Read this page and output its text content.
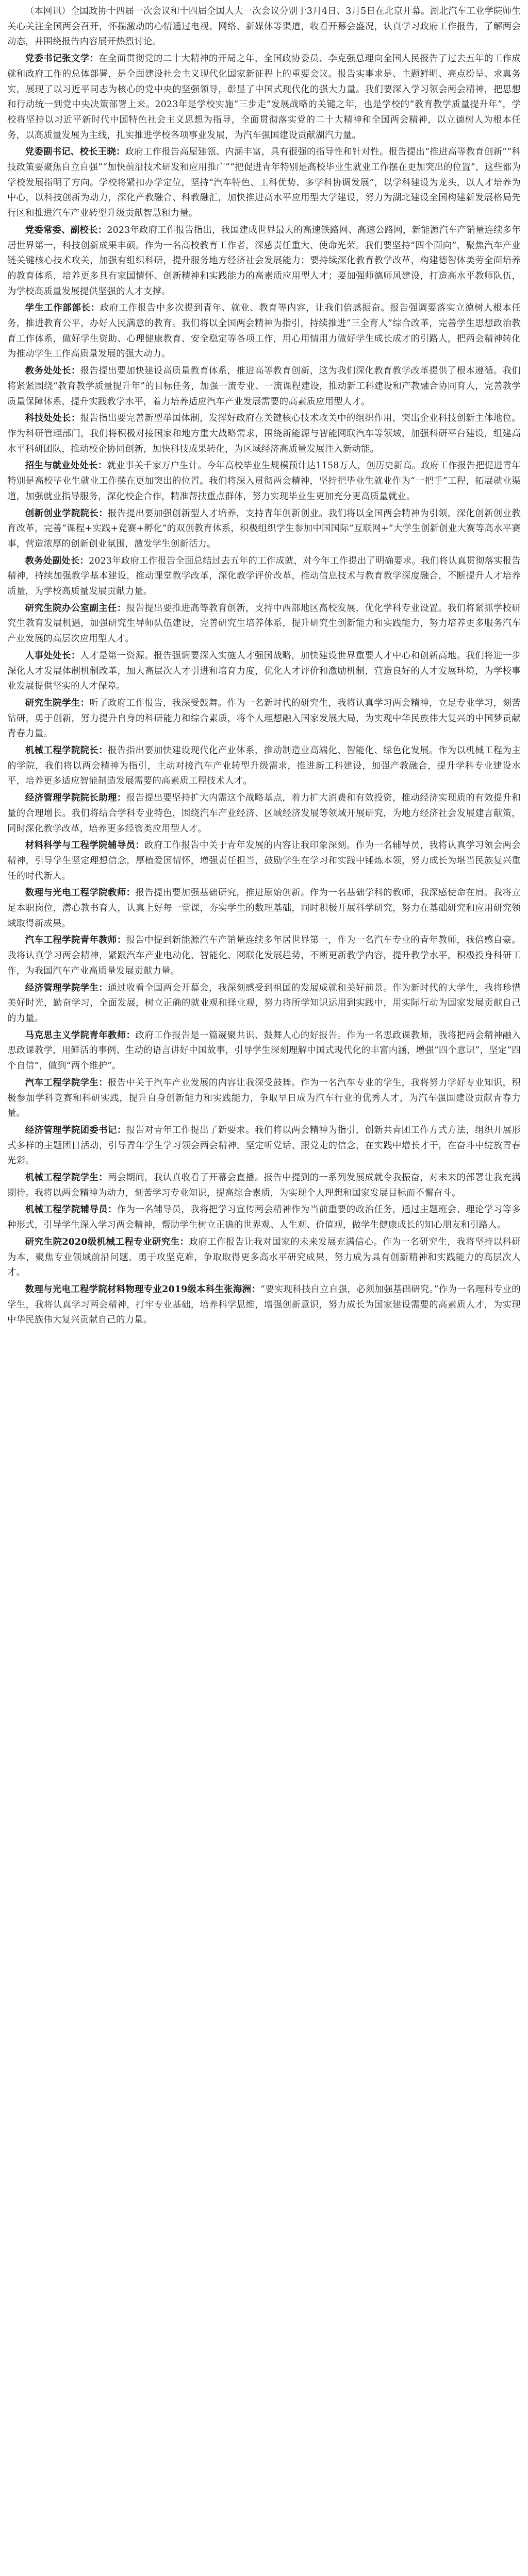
（本网讯）全国政协十四届一次会议和十四届全国人大一次会议分别于3月4日、3月5日在北京开幕。湖北汽车工业学院师生关心关注全国两会召开，怀揣激动的心情通过电视、网络、新媒体等渠道，收看开幕会盛况，认真学习政府工作报告，了解两会动态，并围绕报告内容展开热烈讨论。

党委书记张文学：在全面贯彻党的二十大精神的开局之年，全国政协委员、李克强总理向全国人民报告了过去五年的工作成就和政府工作的总体部署，是全面建设社会主义现代化国家新征程上的重要会议。报告实事求是、主题鲜明、亮点纷呈、求真务实，展现了以习近平同志为核心的党中央的坚强领导，彰显了中国式现代化的强大力量。我们要深入学习领会两会精神，把思想和行动统一到党中央决策部署上来。2023年是学校实施“三步走”发展战略的关键之年，也是学校的“教育教学质量提升年”，学校将坚持以习近平新时代中国特色社会主义思想为指导，全面贯彻落实党的二十大精神和全国两会精神，以立德树人为根本任务，以高质量发展为主线，扎实推进学校各项事业发展，为汽车强国建设贡献湖汽力量。

党委副书记、校长王晓：政府工作报告高屋建瓴、内涵丰富，具有很强的指导性和针对性。报告提出“推进高等教育创新”“科技政策要聚焦自立自强”“加快前沿技术研发和应用推广”“把促进青年特别是高校毕业生就业工作摆在更加突出的位置”，这些都为学校发展指明了方向。学校将紧扣办学定位，坚持“汽车特色、工科优势、多学科协调发展”，以学科建设为龙头，以人才培养为中心，以科技创新为动力，深化产教融合、科教融汇，加快推进高水平应用型大学建设，努力为湖北建设全国构建新发展格局先行区和推进汽车产业转型升级贡献智慧和力量。

党委常委、副校长：2023年政府工作报告指出，我国建成世界最大的高速铁路网、高速公路网，新能源汽车产销量连续多年居世界第一，科技创新成果丰硕。作为一名高校教育工作者，深感责任重大、使命光荣。我们要坚持“四个面向”，聚焦汽车产业链关键核心技术攻关，加强有组织科研，提升服务地方经济社会发展能力；要持续深化教育教学改革，构建德智体美劳全面培养的教育体系，培养更多具有家国情怀、创新精神和实践能力的高素质应用型人才；要加强师德师风建设，打造高水平教师队伍，为学校高质量发展提供坚强的人才支撑。

学生工作部部长：政府工作报告中多次提到青年、就业、教育等内容，让我们倍感振奋。报告强调要落实立德树人根本任务，推进教育公平，办好人民满意的教育。我们将以全国两会精神为指引，持续推进“三全育人”综合改革，完善学生思想政治教育工作体系，做好学生资助、心理健康教育、安全稳定等各项工作，用心用情用力做好学生成长成才的引路人，把两会精神转化为推动学生工作高质量发展的强大动力。

教务处处长：报告提出要加快建设高质量教育体系，推进高等教育创新，这为我们深化教育教学改革提供了根本遵循。我们将紧紧围绕“教育教学质量提升年”的目标任务，加强一流专业、一流课程建设，推动新工科建设和产教融合协同育人，完善教学质量保障体系，提升实践教学水平，着力培养适应汽车产业发展需要的高素质应用型人才。

科技处处长：报告指出要完善新型举国体制，发挥好政府在关键核心技术攻关中的组织作用，突出企业科技创新主体地位。作为科研管理部门，我们将积极对接国家和地方重大战略需求，围绕新能源与智能网联汽车等领域，加强科研平台建设，组建高水平科研团队，推动校企协同创新，加快科技成果转化，为区域经济高质量发展注入新动能。

招生与就业处处长：就业事关千家万户生计。今年高校毕业生规模预计达1158万人，创历史新高。政府工作报告把促进青年特别是高校毕业生就业工作摆在更加突出的位置。我们将深入贯彻两会精神，坚持把毕业生就业作为“一把手”工程，拓展就业渠道，加强就业指导服务，深化校企合作，精准帮扶重点群体，努力实现毕业生更加充分更高质量就业。

创新创业学院院长：报告提出要加强创新型人才培养，支持青年创新创业。我们将以全国两会精神为引领，深化创新创业教育改革，完善“课程+实践+竞赛+孵化”的双创教育体系，积极组织学生参加中国国际“互联网+”大学生创新创业大赛等高水平赛事，营造浓厚的创新创业氛围，激发学生创新活力。

教务处副处长：2023年政府工作报告全面总结过去五年的工作成就，对今年工作提出了明确要求。我们将认真贯彻落实报告精神，持续加强教学基本建设，推动课堂教学改革，深化教学评价改革，推动信息技术与教育教学深度融合，不断提升人才培养质量，为学校高质量发展贡献力量。

研究生院办公室副主任：报告提出要推进高等教育创新，支持中西部地区高校发展，优化学科专业设置。我们将紧抓学校研究生教育发展机遇，加强研究生导师队伍建设，完善研究生培养体系，提升研究生创新能力和实践能力，努力培养更多服务汽车产业发展的高层次应用型人才。

人事处处长：人才是第一资源。报告强调要深入实施人才强国战略，加快建设世界重要人才中心和创新高地。我们将进一步深化人才发展体制机制改革，加大高层次人才引进和培育力度，优化人才评价和激励机制，营造良好的人才发展环境，为学校事业发展提供坚实的人才保障。

研究生院学生：听了政府工作报告，我深受鼓舞。作为一名新时代的研究生，我将认真学习两会精神，立足专业学习，刻苦钻研，勇于创新，努力提升自身的科研能力和综合素质，将个人理想融入国家发展大局，为实现中华民族伟大复兴的中国梦贡献青春力量。

机械工程学院院长：报告指出要加快建设现代化产业体系，推动制造业高端化、智能化、绿色化发展。作为以机械工程为主的学院，我们将以两会精神为指引，主动对接汽车产业转型升级需求，推进新工科建设，加强产教融合，提升学科专业建设水平，培养更多适应智能制造发展需要的高素质工程技术人才。

经济管理学院院长助理：报告提出要坚持扩大内需这个战略基点，着力扩大消费和有效投资，推动经济实现质的有效提升和量的合理增长。我们将结合学科专业特色，围绕汽车产业经济、区域经济发展等领域开展研究，为地方经济社会发展建言献策，同时深化教学改革，培养更多经管类应用型人才。

材料科学与工程学院辅导员：政府工作报告中关于青年发展的内容让我印象深刻。作为一名辅导员，我将认真学习领会两会精神，引导学生坚定理想信念，厚植爱国情怀，增强责任担当，鼓励学生在学习和实践中锤炼本领，努力成长为堪当民族复兴重任的时代新人。

数理与光电工程学院教师：报告提出要加强基础研究，推进原始创新。作为一名基础学科的教师，我深感使命在肩。我将立足本职岗位，潜心教书育人，认真上好每一堂课，夯实学生的数理基础，同时积极开展科学研究，努力在基础研究和应用研究领域取得新成果。

汽车工程学院青年教师：报告中提到新能源汽车产销量连续多年居世界第一，作为一名汽车专业的青年教师，我倍感自豪。我将认真学习两会精神，紧跟汽车产业电动化、智能化、网联化发展趋势，不断更新教学内容，提升教学水平，积极投身科研工作，为我国汽车产业高质量发展贡献力量。

经济管理学院学生：通过收看全国两会开幕会，我深刻感受到祖国的发展成就和美好前景。作为新时代的大学生，我将珍惜美好时光，勤奋学习，全面发展，树立正确的就业观和择业观，努力将所学知识运用到实践中，用实际行动为国家发展贡献自己的力量。

马克思主义学院青年教师：政府工作报告是一篇凝聚共识、鼓舞人心的好报告。作为一名思政课教师，我将把两会精神融入思政课教学，用鲜活的事例、生动的语言讲好中国故事，引导学生深刻理解中国式现代化的丰富内涵，增强“四个意识”，坚定“四个自信”，做到“两个维护”。

汽车工程学院学生：报告中关于汽车产业发展的内容让我深受鼓舞。作为一名汽车专业的学生，我将努力学好专业知识，积极参加学科竞赛和科研实践，提升自身创新能力和实践能力，争取早日成为汽车行业的优秀人才，为汽车强国建设贡献青春力量。

经济管理学院团委书记：报告对青年工作提出了新要求。我们将以两会精神为指引，创新共青团工作方式方法，组织开展形式多样的主题团日活动，引导青年学生学习领会两会精神，坚定听党话、跟党走的信念，在实践中增长才干，在奋斗中绽放青春光彩。

机械工程学院学生：两会期间，我认真收看了开幕会直播。报告中提到的一系列发展成就令我振奋，对未来的部署让我充满期待。我将以两会精神为动力，刻苦学习专业知识，提高综合素质，为实现个人理想和国家发展目标而不懈奋斗。

机械工程学院辅导员：作为一名辅导员，我将把学习宣传两会精神作为当前重要的政治任务，通过主题班会、理论学习等多种形式，引导学生深入学习两会精神，帮助学生树立正确的世界观、人生观、价值观，做学生健康成长的知心朋友和引路人。

研究生院2020级机械工程专业研究生：政府工作报告让我对国家的未来发展充满信心。作为一名研究生，我将坚持以科研为本，聚焦专业领域前沿问题，勇于攻坚克难，争取取得更多高水平研究成果，努力成为具有创新精神和实践能力的高层次人才。

数理与光电工程学院材料物理专业2019级本科生张海洲：“要实现科技自立自强，必须加强基础研究。”作为一名理科专业的学生，我将认真学习两会精神，打牢专业基础，培养科学思维，增强创新意识，努力成长为国家建设需要的高素质人才，为实现中华民族伟大复兴贡献自己的力量。
